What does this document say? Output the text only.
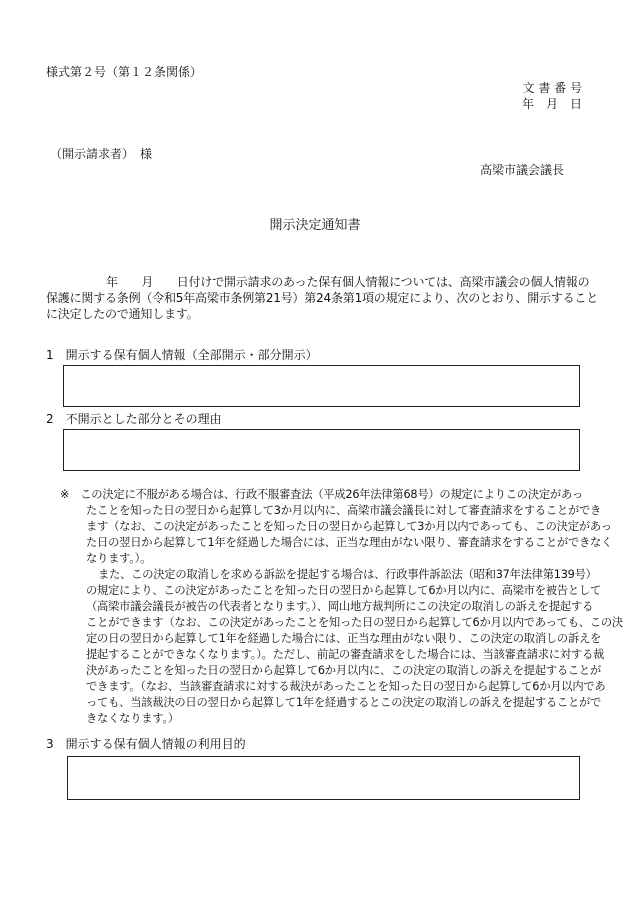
様式第２号（第１２条関係）

文 書 番 号

年　月　日

（開示請求者）　様

高梁市議会議長

開示決定通知書

年　　月　　日付けで開示請求のあった保有個人情報については、高梁市議会の個人情報の

保護に関する条例（令和5年高梁市条例第21号）第24条第1項の規定により、次のとおり、開示すること

に決定したので通知します。

1　開示する保有個人情報（全部開示・部分開示）

2　不開示とした部分とその理由

※　この決定に不服がある場合は、行政不服審査法（平成26年法律第68号）の規定によりこの決定があっ

たことを知った日の翌日から起算して3か月以内に、高梁市議会議長に対して審査請求をすることができ

ます（なお、この決定があったことを知った日の翌日から起算して3か月以内であっても、この決定があっ

た日の翌日から起算して1年を経過した場合には、正当な理由がない限り、審査請求をすることができなく

なります。）。

また、この決定の取消しを求める訴訟を提起する場合は、行政事件訴訟法（昭和37年法律第139号）

の規定により、この決定があったことを知った日の翌日から起算して6か月以内に、高梁市を被告として

（高梁市議会議長が被告の代表者となります。）、岡山地方裁判所にこの決定の取消しの訴えを提起する

ことができます（なお、この決定があったことを知った日の翌日から起算して6か月以内であっても、この決

定の日の翌日から起算して1年を経過した場合には、正当な理由がない限り、この決定の取消しの訴えを

提起することができなくなります。）。ただし、前記の審査請求をした場合には、当該審査請求に対する裁

決があったことを知った日の翌日から起算して6か月以内に、この決定の取消しの訴えを提起することが

できます。（なお、当該審査請求に対する裁決があったことを知った日の翌日から起算して6か月以内であ

っても、当該裁決の日の翌日から起算して1年を経過するとこの決定の取消しの訴えを提起することがで

きなくなります。）

3　開示する保有個人情報の利用目的
